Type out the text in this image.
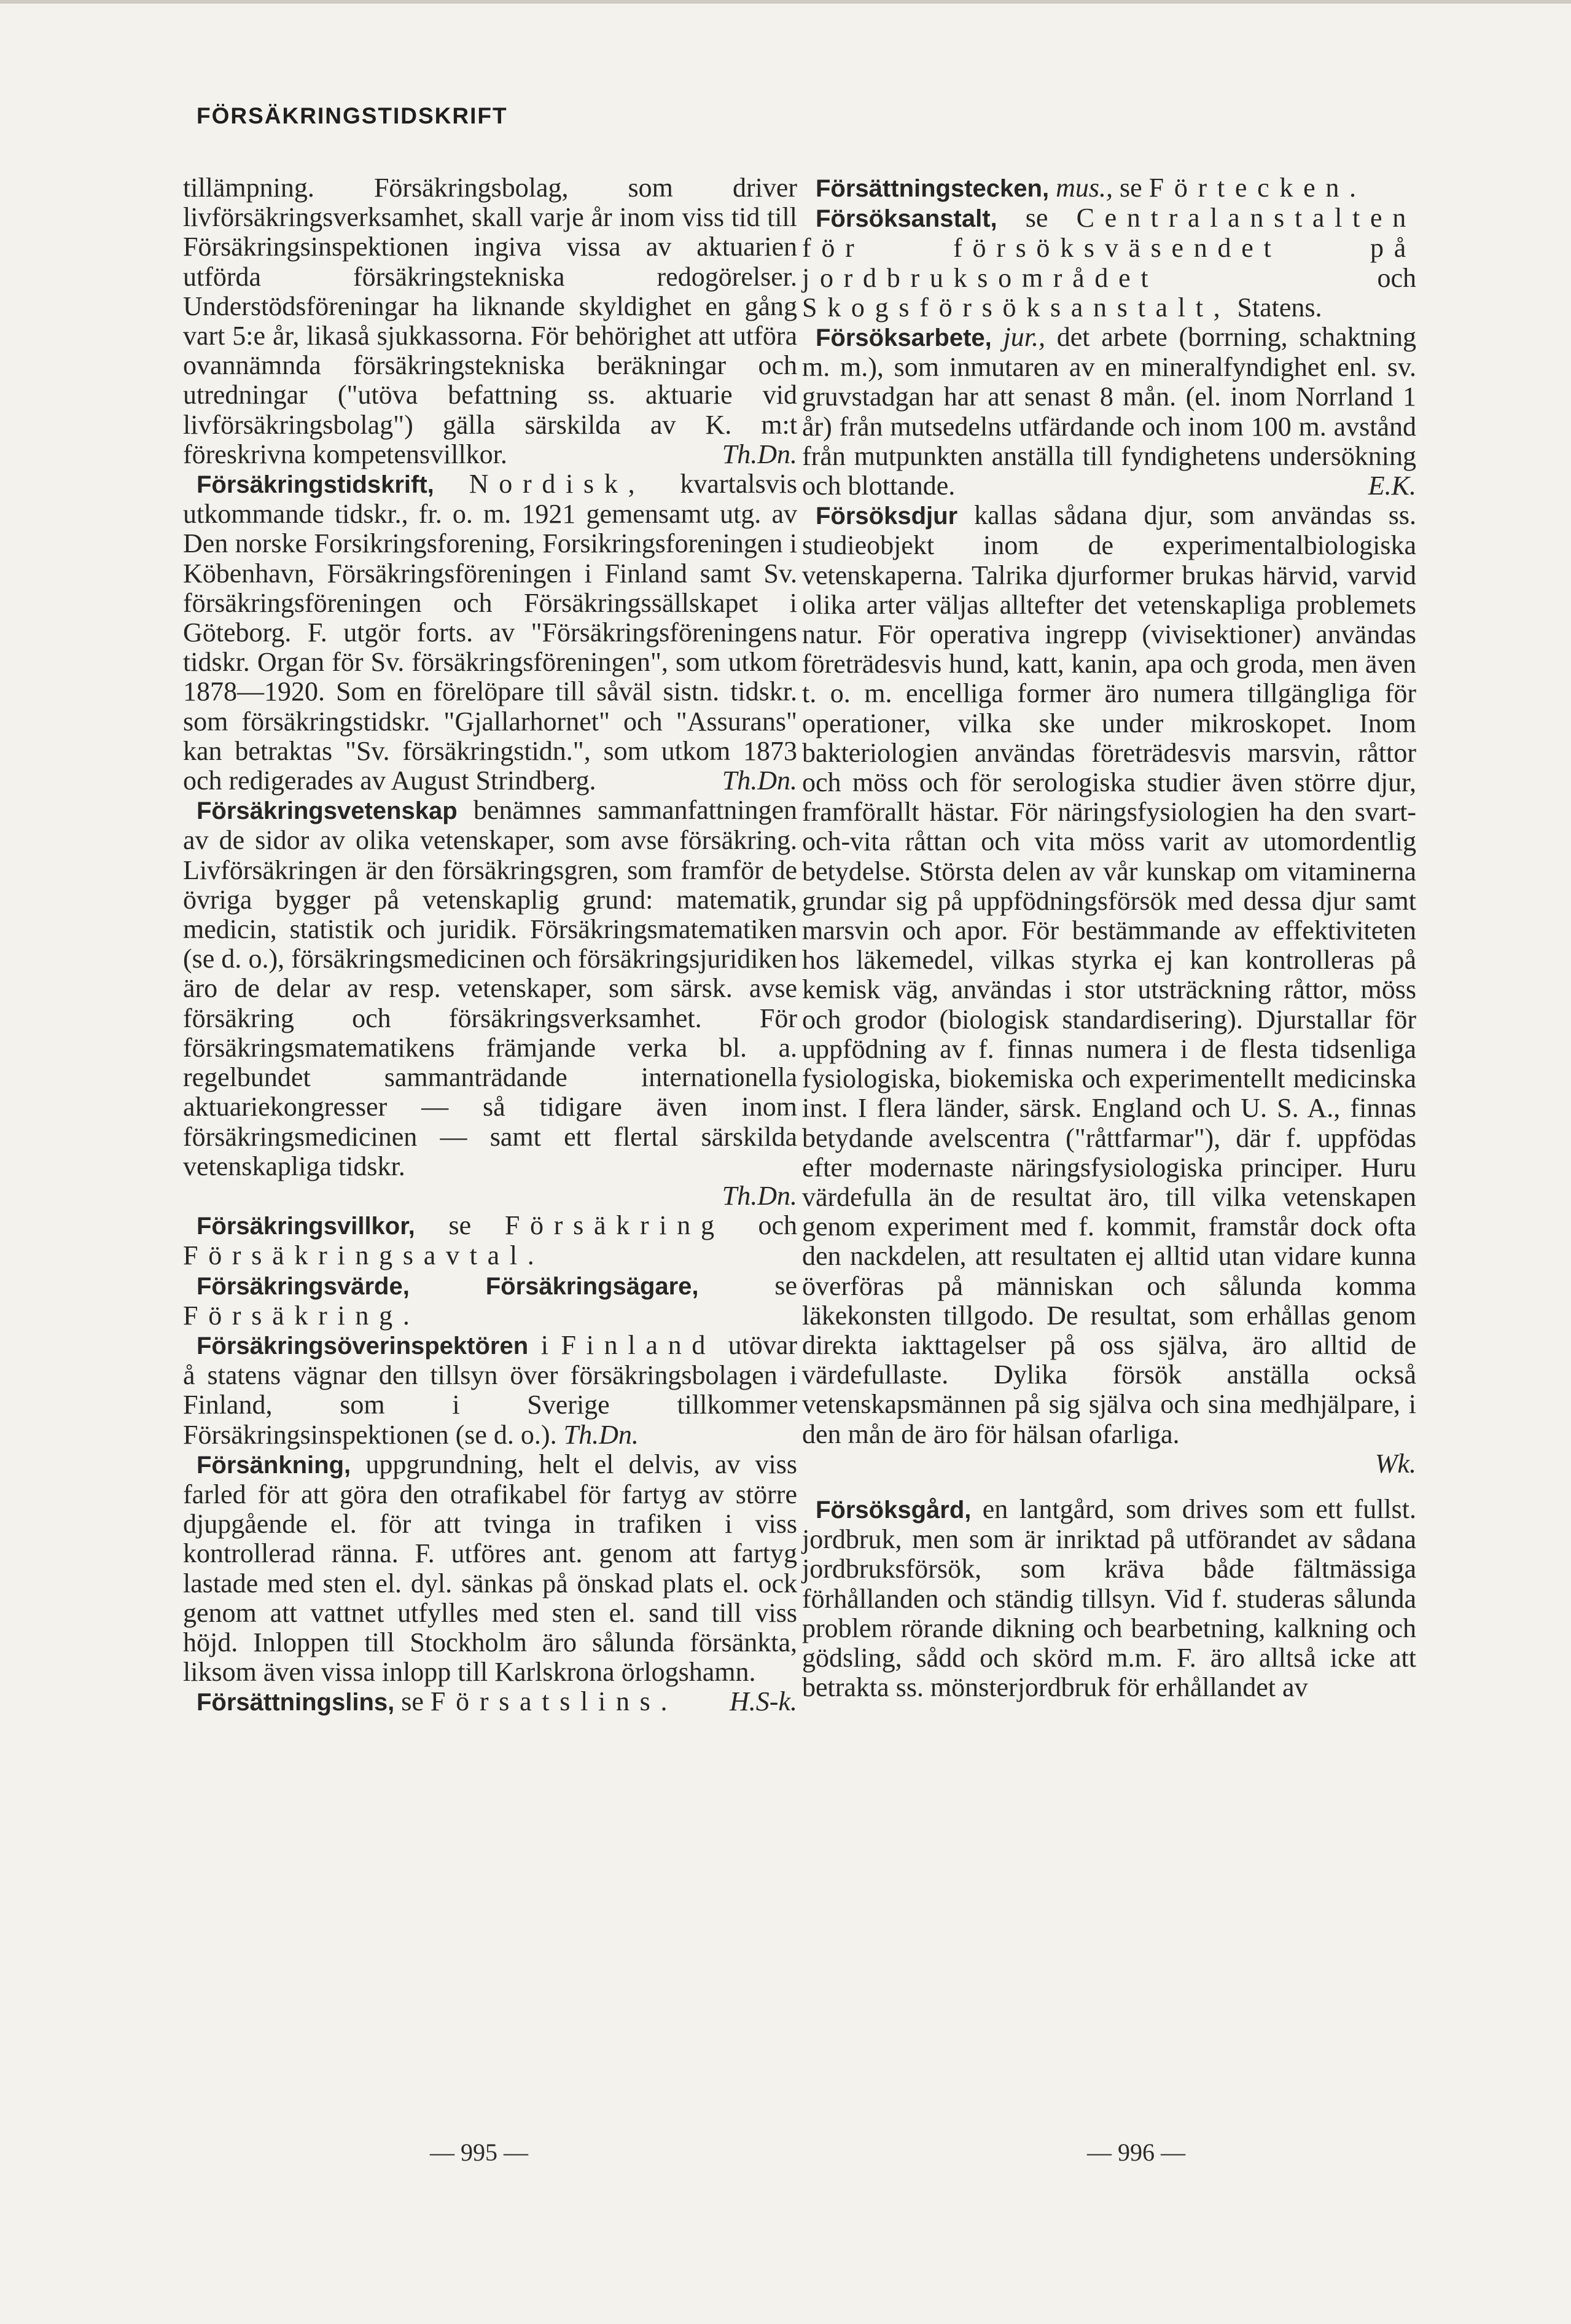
FÖRSÄKRINGSTIDSKRIFT

tillämpning. Försäkringsbolag, som driver livförsäkringsverksamhet, skall varje år inom viss tid till Försäkringsinspektionen ingiva vissa av aktuarien utförda försäkringstekniska redogörelser. Understödsföreningar ha liknande skyldighet en gång vart 5:e år, likaså sjukkassorna. För behörighet att utföra ovannämnda försäkringstekniska beräkningar och utredningar ("utöva befattning ss. aktuarie vid livförsäkringsbolag") gälla särskilda av K. m:t föreskrivna kompetensvillkor.	Th.Dn.

Försäkringstidskrift, Nordisk, kvartalsvis utkommande tidskr., fr. o. m. 1921 gemensamt utg. av Den norske Forsikringsforening, Forsikringsforeningen i Köbenhavn, Försäkringsföreningen i Finland samt Sv. försäkringsföreningen och Försäkringssällskapet i Göteborg. F. utgör forts. av "Försäkringsföreningens tidskr. Organ för Sv. försäkringsföreningen", som utkom 1878—1920. Som en förelöpare till såväl sistn. tidskr. som försäkringstidskr. "Gjallarhornet" och "Assurans" kan betraktas "Sv. försäkringstidn.", som utkom 1873 och redigerades av August Strindberg.	Th.Dn.

Försäkringsvetenskap benämnes sammanfattningen av de sidor av olika vetenskaper, som avse försäkring. Livförsäkringen är den försäkringsgren, som framför de övriga bygger på vetenskaplig grund: matematik, medicin, statistik och juridik. Försäkringsmatematiken (se d. o.), försäkringsmedicinen och försäkringsjuridiken äro de delar av resp. vetenskaper, som särsk. avse försäkring och försäkringsverksamhet. För försäkringsmatematikens främjande verka bl. a. regelbundet sammanträdande internationella aktuariekongresser — så tidigare även inom försäkringsmedicinen — samt ett flertal särskilda vetenskapliga tidskr.

Th.Dn.

Försäkringsvillkor, se Försäkring och Försäkringsavtal.

Försäkringsvärde, Försäkringsägare,	se Försäkring.

Försäkringsöverinspektören i Finland utövar å statens vägnar den tillsyn över försäkringsbolagen i Finland, som i Sverige tillkommer Försäkringsinspektionen (se d. o.). Th.Dn.

Försänkning, uppgrundning, helt el delvis, av viss farled för att göra den otrafikabel för fartyg av större djupgående el. för att tvinga in trafiken i viss kontrollerad ränna. F. utföres ant. genom att fartyg lastade med sten el. dyl. sänkas på önskad plats el. ock genom att vattnet utfylles med sten el. sand till viss höjd. Inloppen till Stockholm äro sålunda försänkta, liksom även vissa inlopp till Karlskrona örlogshamn.
H.S-k.

Försättningslins, se Försatslins.

Försättningstecken, mus., se Förtecken.

Försöksanstalt, se Centralanstalten för försöksväsendet på jordbruksområdet	och Skogsförsöksanstalt, Statens.

Försöksarbete, jur., det arbete (borrning, schaktning m. m.), som inmutaren av en mineralfyndighet enl. sv. gruvstadgan har att senast 8 mån. (el. inom Norrland 1 år) från mutsedelns utfärdande och inom 100 m. avstånd från mutpunkten anställa till fyndighetens undersökning och blottande.	E.K.

Försöksdjur kallas sådana djur, som användas ss. studieobjekt inom de experimentalbiologiska vetenskaperna. Talrika djurformer brukas härvid, varvid olika arter väljas alltefter det vetenskapliga problemets natur. För operativa ingrepp (vivisektioner) användas företrädesvis hund, katt, kanin, apa och groda, men även t. o. m. encelliga former äro numera tillgängliga för operationer, vilka ske under mikroskopet. Inom bakteriologien användas företrädesvis marsvin, råttor och möss och för serologiska studier även större djur, framförallt hästar. För näringsfysiologien ha den svart- och-vita råttan och vita möss varit av utomordentlig betydelse. Största delen av vår kunskap om vitaminerna grundar sig på uppfödningsförsök med dessa djur samt marsvin och apor. För bestämmande av effektiviteten hos läkemedel, vilkas styrka ej kan kontrolleras på kemisk väg, användas i stor utsträckning råttor, möss och grodor (biologisk standardisering). Djurstallar för uppfödning av f. finnas numera i de flesta tidsenliga fysiologiska, biokemiska och experimentellt medicinska inst. I flera länder, särsk. England och U. S. A., finnas betydande avelscentra ("råttfarmar"), där f. uppfödas efter modernaste näringsfysiologiska principer. Huru värdefulla än de resultat äro, till vilka vetenskapen genom experiment med f. kommit, framstår dock ofta den nackdelen, att resultaten ej alltid utan vidare kunna överföras på människan och sålunda komma läkekonsten tillgodo. De resultat, som erhållas genom direkta iakttagelser på oss själva, äro alltid de värdefullaste. Dylika försök anställa också vetenskapsmännen på sig själva och sina medhjälpare, i den mån de äro för hälsan ofarliga.

Wk.

Försöksgård, en lantgård, som drives som ett fullst. jordbruk, men som är inriktad på utförandet av sådana jordbruksförsök, som kräva både fältmässiga förhållanden och ständig tillsyn. Vid f. studeras sålunda problem rörande dikning och bearbetning, kalkning och gödsling, sådd och skörd m.m. F. äro alltså icke att betrakta ss. mönsterjordbruk för erhållandet av

— 995 —	— 996 —
